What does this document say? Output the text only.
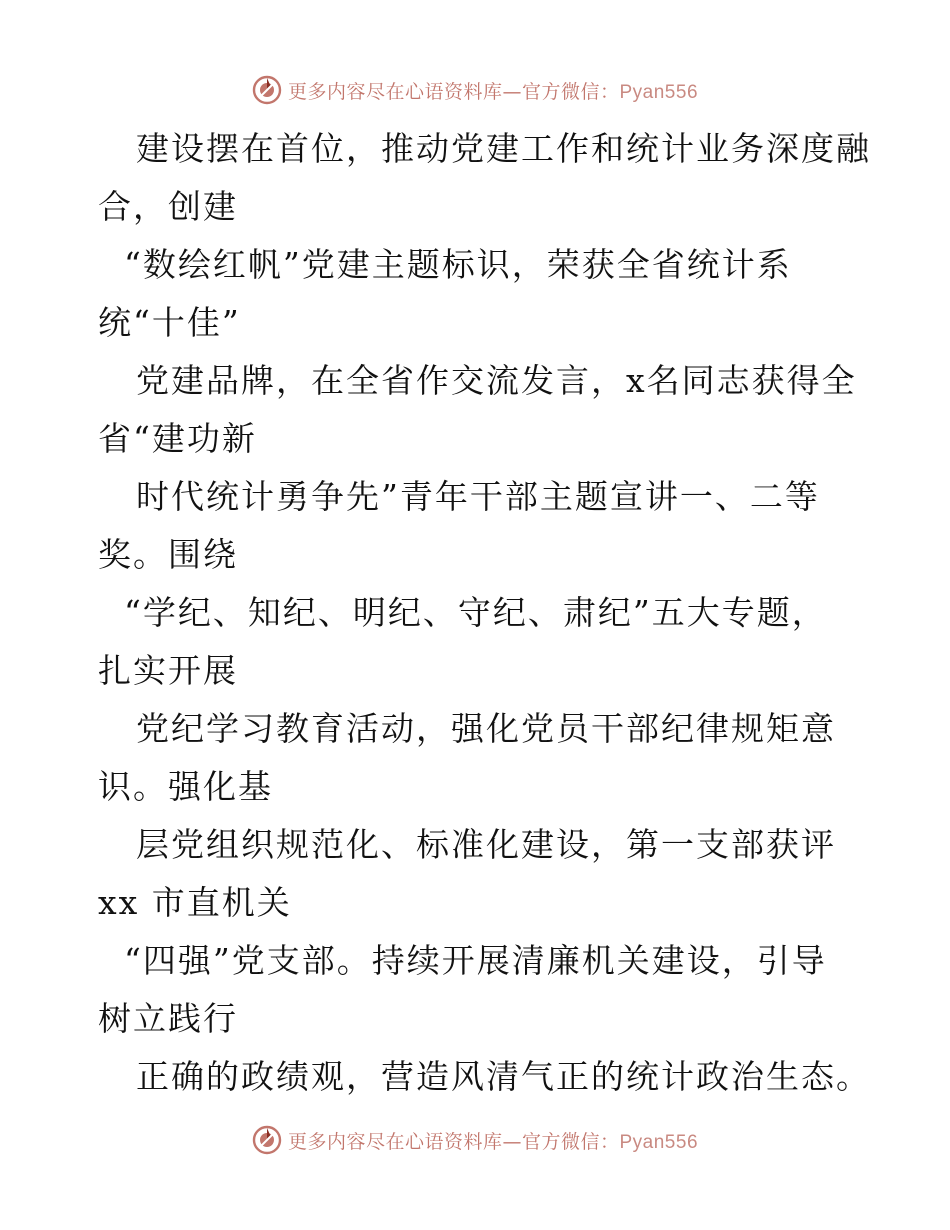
更多内容尽在心语资料库—官方微信：Pyan556
建设摆在首位，推动党建工作和统计业务深度融
合，创建
“数绘红帆”党建主题标识，荣获全省统计系
统“十佳”
党建品牌，在全省作交流发言，x名同志获得全
省“建功新
时代统计勇争先”青年干部主题宣讲一、二等
奖。围绕
“学纪、知纪、明纪、守纪、肃纪”五大专题，
扎实开展
党纪学习教育活动，强化党员干部纪律规矩意
识。强化基
层党组织规范化、标准化建设，第一支部获评
xx 市直机关
“四强”党支部。持续开展清廉机关建设，引导
树立践行
正确的政绩观，营造风清气正的统计政治生态。
更多内容尽在心语资料库—官方微信：Pyan556
